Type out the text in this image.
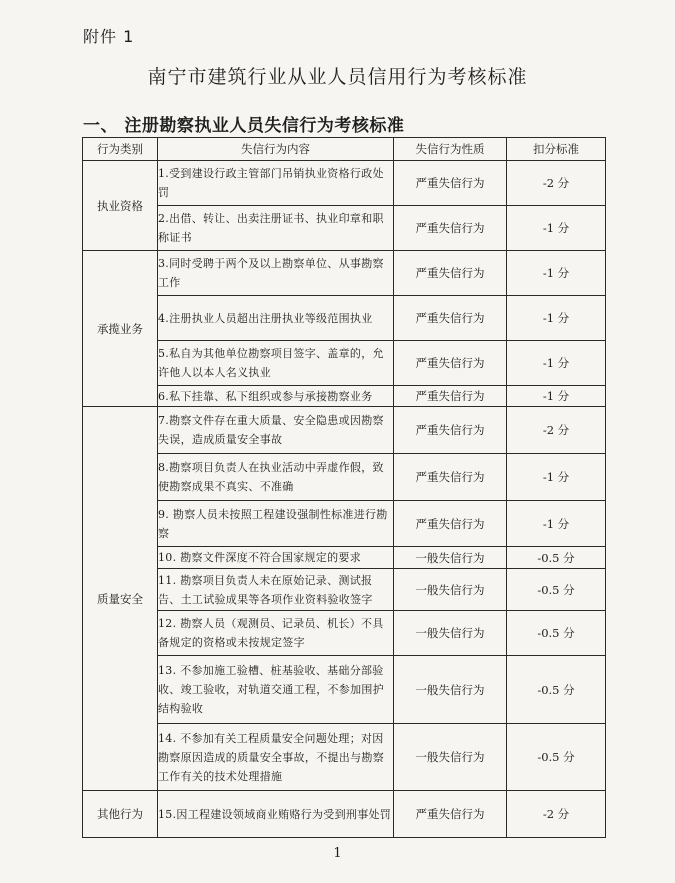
附件 1
南宁市建筑行业从业人员信用行为考核标准
一、 注册勘察执业人员失信行为考核标准
行为类别	失信行为内容	失信行为性质	扣分标准
执业资格	1.受到建设行政主管部门吊销执业资格行政处罚	严重失信行为	-2 分
	2.出借、转让、出卖注册证书、执业印章和职称证书	严重失信行为	-1 分
承揽业务	3.同时受聘于两个及以上勘察单位、从事勘察工作	严重失信行为	-1 分
	4.注册执业人员超出注册执业等级范围执业	严重失信行为	-1 分
	5.私自为其他单位勘察项目签字、盖章的，允许他人以本人名义执业	严重失信行为	-1 分
	6.私下挂靠、私下组织或参与承接勘察业务	严重失信行为	-1 分
质量安全	7.勘察文件存在重大质量、安全隐患或因勘察失误，造成质量安全事故	严重失信行为	-2 分
	8.勘察项目负责人在执业活动中弄虚作假，致使勘察成果不真实、不准确	严重失信行为	-1 分
	9. 勘察人员未按照工程建设强制性标准进行勘察	严重失信行为	-1 分
	10. 勘察文件深度不符合国家规定的要求	一般失信行为	-0.5 分
	11. 勘察项目负责人未在原始记录、测试报告、土工试验成果等各项作业资料验收签字	一般失信行为	-0.5 分
	12. 勘察人员（观测员、记录员、机长）不具备规定的资格或未按规定签字	一般失信行为	-0.5 分
	13. 不参加施工验槽、桩基验收、基础分部验收、竣工验收，对轨道交通工程，不参加围护结构验收	一般失信行为	-0.5 分
	14. 不参加有关工程质量安全问题处理；对因勘察原因造成的质量安全事故，不提出与勘察工作有关的技术处理措施	一般失信行为	-0.5 分
其他行为	15.因工程建设领域商业贿赂行为受到刑事处罚	严重失信行为	-2 分
1
